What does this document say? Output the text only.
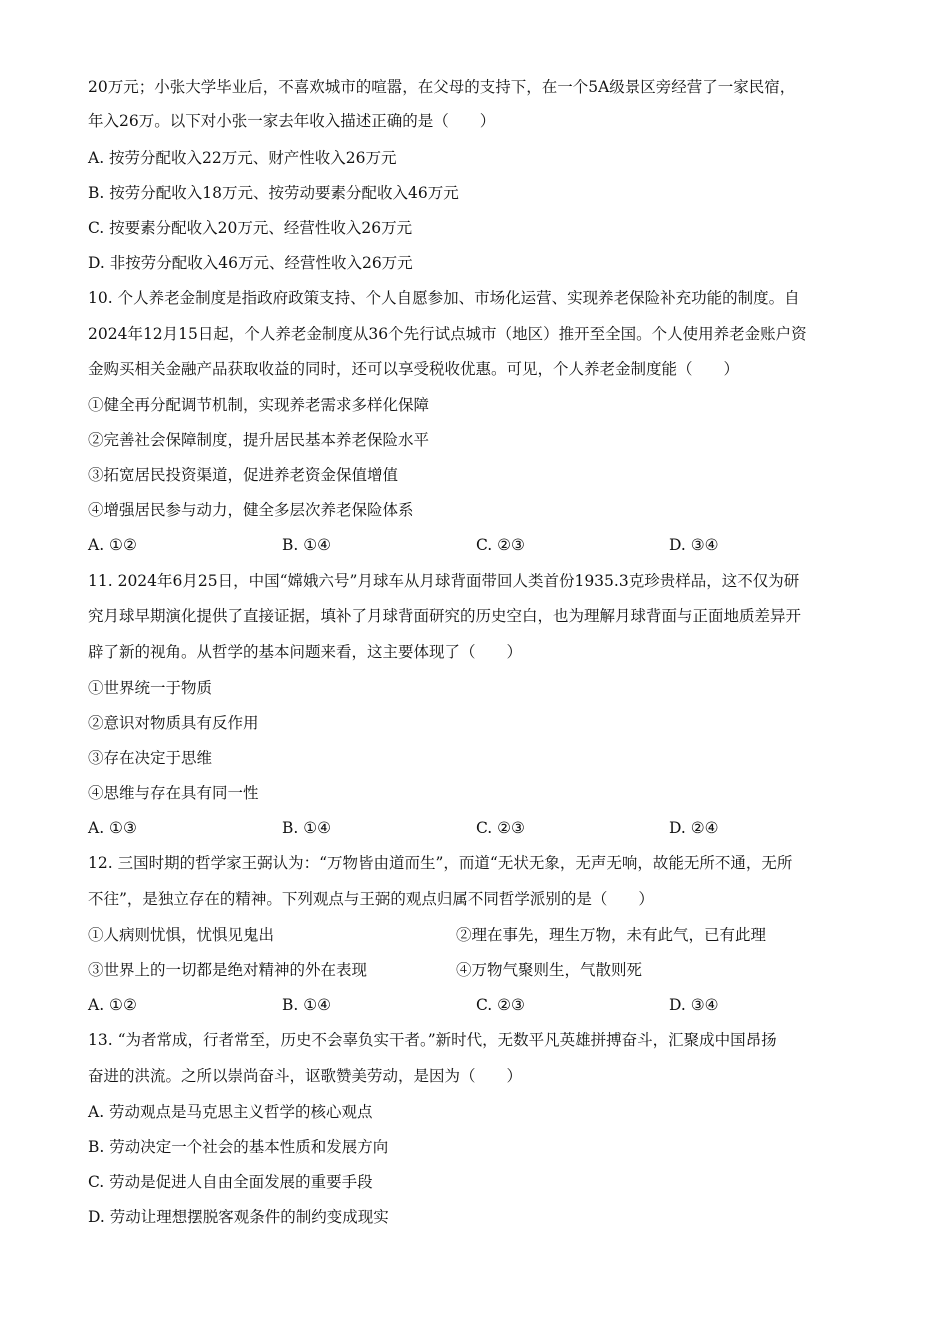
20万元；小张大学毕业后，不喜欢城市的喧嚣，在父母的支持下，在一个5A级景区旁经营了一家民宿，
年入26万。以下对小张一家去年收入描述正确的是（　　）
A. 按劳分配收入22万元、财产性收入26万元
B. 按劳分配收入18万元、按劳动要素分配收入46万元
C. 按要素分配收入20万元、经营性收入26万元
D. 非按劳分配收入46万元、经营性收入26万元
10. 个人养老金制度是指政府政策支持、个人自愿参加、市场化运营、实现养老保险补充功能的制度。自
2024年12月15日起，个人养老金制度从36个先行试点城市（地区）推开至全国。个人使用养老金账户资
金购买相关金融产品获取收益的同时，还可以享受税收优惠。可见，个人养老金制度能（　　）
①健全再分配调节机制，实现养老需求多样化保障
②完善社会保障制度，提升居民基本养老保险水平
③拓宽居民投资渠道，促进养老资金保值增值
④增强居民参与动力，健全多层次养老保险体系
A. ①②	B. ①④	C. ②③	D. ③④
11. 2024年6月25日，中国“嫦娥六号”月球车从月球背面带回人类首份1935.3克珍贵样品，这不仅为研
究月球早期演化提供了直接证据，填补了月球背面研究的历史空白，也为理解月球背面与正面地质差异开
辟了新的视角。从哲学的基本问题来看，这主要体现了（　　）
①世界统一于物质
②意识对物质具有反作用
③存在决定于思维
④思维与存在具有同一性
A. ①③	B. ①④	C. ②③	D. ②④
12. 三国时期的哲学家王弼认为：“万物皆由道而生”，而道“无状无象，无声无响，故能无所不通，无所
不往”，是独立存在的精神。下列观点与王弼的观点归属不同哲学派别的是（　　）
①人病则忧惧，忧惧见鬼出	②理在事先，理生万物，未有此气，已有此理
③世界上的一切都是绝对精神的外在表现	④万物气聚则生，气散则死
A. ①②	B. ①④	C. ②③	D. ③④
13. “为者常成，行者常至，历史不会辜负实干者。”新时代，无数平凡英雄拼搏奋斗，汇聚成中国昂扬
奋进的洪流。之所以崇尚奋斗，讴歌赞美劳动，是因为（　　）
A. 劳动观点是马克思主义哲学的核心观点
B. 劳动决定一个社会的基本性质和发展方向
C. 劳动是促进人自由全面发展的重要手段
D. 劳动让理想摆脱客观条件的制约变成现实
